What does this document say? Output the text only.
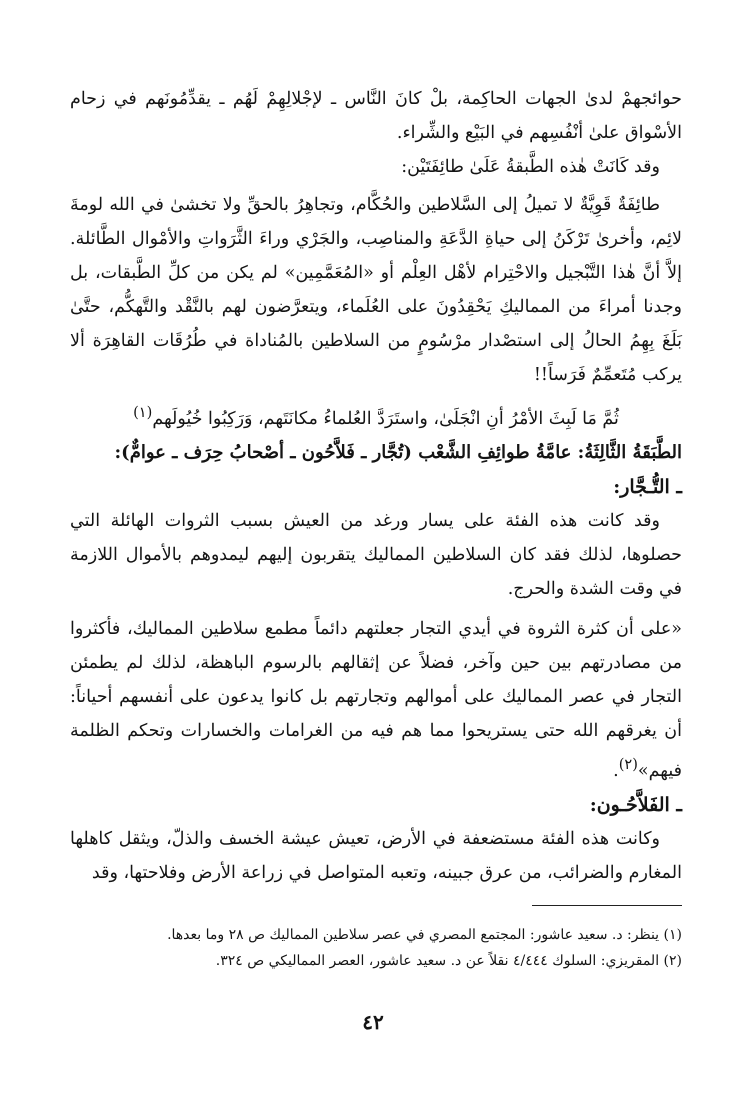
حوائجهمْ لدىٰ الجهات الحاكِمة، بلْ كانَ النَّاس ـ لإجْلالِهِمْ لَهُم ـ يقدِّمُونَهم في زحام الأسْواق علىٰ أنْفُسِهم في البَيْع والشِّراء.

وقد كَانَتْ هٰذه الطَّبقةُ عَلَىٰ طائِفَتَيْن:

طائِفَةٌ قَوِيَّةٌ لا تميلُ إلى السَّلاطين والحُكَّام، وتجاهِرُ بالحقِّ ولا تخشىٰ في الله لومةَ لائِم، وأخرىٰ تَرْكَنُ إلى حياةِ الدَّعَةِ والمناصِب، والجَرْي وراءَ الثَّرَواتِ والأمْوال الطَّائلة. إلاَّ أنَّ هٰذا التَّبْجيل والاحْتِرام لأهْل العِلْم أو «المُعَمَّمِين» لم يكن من كلِّ الطَّبقات، بل وجدنا أمراءَ من المماليكِ يَحْقِدُونَ على العُلَماء، ويتعرَّضون لهم بالنَّقْد والتَّهكُّم، حتَّىٰ بَلَغَ بِهِمُ الحالُ إلى استصْدار مرْسُومٍ من السلاطين بالمُناداة في طُرُقَات القاهِرَة ألا يركب مُتَعمِّمٌ فَرَساً!!

ثُمَّ مَا لَبِثَ الأمْرُ أنِ انْجَلَىٰ، واستَرَدَّ العُلماءُ مكانَتَهم، وَرَكِبُوا خُيُولَهم$^{(١)}$

الطَّبَقَةُ الثَّالِثَةُ: عامَّةُ طوائِفِ الشَّعْب (تُجَّار ـ فَلاَّحُون ـ أصْحابُ حِرَف ـ عوامٌّ):

ـ التُّـجَّار:

وقد كانت هذه الفئة على يسار ورغد من العيش بسبب الثروات الهائلة التي حصلوها، لذلك فقد كان السلاطين المماليك يتقربون إليهم ليمدوهم بالأموال اللازمة في وقت الشدة والحرج.

«على أن كثرة الثروة في أيدي التجار جعلتهم دائماً مطمع سلاطين المماليك، فأكثروا من مصادرتهم بين حين وآخر، فضلاً عن إثقالهم بالرسوم الباهظة، لذلك لم يطمئن التجار في عصر المماليك على أموالهم وتجارتهم بل كانوا يدعون على أنفسهم أحياناً: أن يغرقهم الله حتى يستريحوا مما هم فيه من الغرامات والخسارات وتحكم الظلمة فيهم»$^{(٢)}$.

ـ الفَلاَّحُـون:

وكانت هذه الفئة مستضعفة في الأرض، تعيش عيشة الخسف والذلّ، ويثقل كاهلها المغارم والضرائب، من عرق جبينه، وتعبه المتواصل في زراعة الأرض وفلاحتها، وقد

(١) ينظر: د. سعيد عاشور: المجتمع المصري في عصر سلاطين المماليك ص ٢٨ وما بعدها.

(٢) المقريزي: السلوك ٤/٤٤٤ نقلاً عن د. سعيد عاشور، العصر المماليكي ص ٣٢٤.

٤٢
